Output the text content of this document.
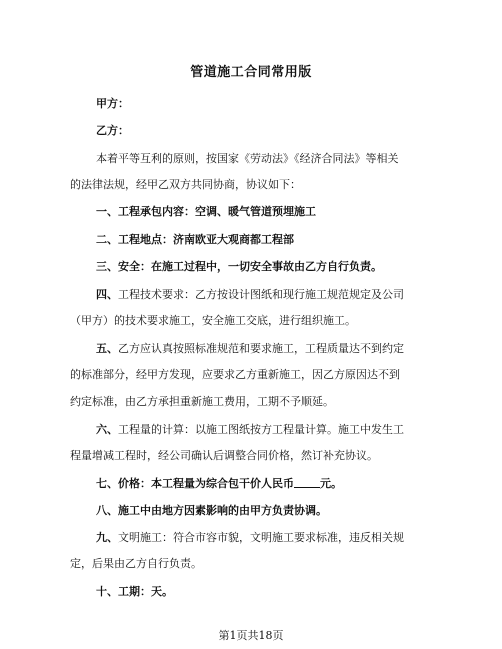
管道施工合同常用版
甲方：
乙方：
本着平等互利的原则，按国家《劳动法》《经济合同法》等相关
的法律法规，经甲乙双方共同协商，协议如下：
一、工程承包内容：空调、暖气管道预埋施工
二、工程地点：济南欧亚大观商都工程部
三、安全：在施工过程中，一切安全事故由乙方自行负责。
四、工程技术要求：乙方按设计图纸和现行施工规范规定及公司
（甲方）的技术要求施工，安全施工交底，进行组织施工。
五、乙方应认真按照标准规范和要求施工，工程质量达不到约定
的标准部分，经甲方发现，应要求乙方重新施工，因乙方原因达不到
约定标准，由乙方承担重新施工费用，工期不予顺延。
六、工程量的计算：以施工图纸按方工程量计算。施工中发生工
程量增减工程时，经公司确认后调整合同价格，然订补充协议。
七、价格：本工程量为综合包干价人民币 元。
八、施工中由地方因素影响的由甲方负责协调。
九、文明施工：符合市容市貌，文明施工要求标准，违反相关规
定，后果由乙方自行负责。
十、工期：天。
第1页共18页
